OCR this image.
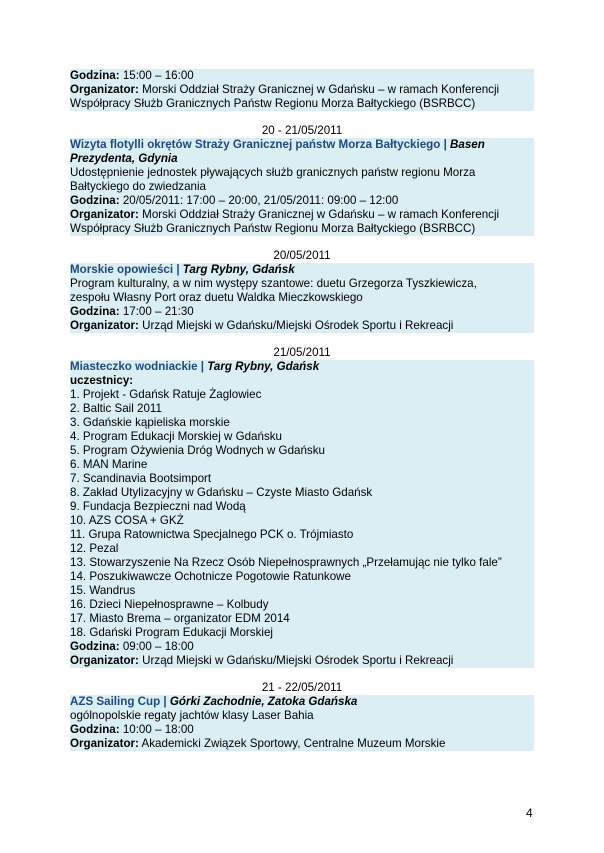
Godzina: 15:00 – 16:00
Organizator: Morski Oddział Straży Granicznej w Gdańsku – w ramach Konferencji
Współpracy Służb Granicznych Państw Regionu Morza Bałtyckiego (BSRBCC)
20 - 21/05/2011
Wizyta flotylli okrętów Straży Granicznej państw Morza Bałtyckiego | Basen
Prezydenta, Gdynia
Udostępnienie jednostek pływających służb granicznych państw regionu Morza
Bałtyckiego do zwiedzania
Godzina: 20/05/2011: 17:00 – 20:00, 21/05/2011: 09:00 – 12:00
Organizator: Morski Oddział Straży Granicznej w Gdańsku – w ramach Konferencji
Współpracy Służb Granicznych Państw Regionu Morza Bałtyckiego (BSRBCC)
20/05/2011
Morskie opowieści | Targ Rybny, Gdańsk
Program kulturalny, a w nim występy szantowe: duetu Grzegorza Tyszkiewicza,
zespołu Własny Port oraz duetu Waldka Mieczkowskiego
Godzina: 17:00 – 21:30
Organizator: Urząd Miejski w Gdańsku/Miejski Ośrodek Sportu i Rekreacji
21/05/2011
Miasteczko wodniackie | Targ Rybny, Gdańsk
uczestnicy:
1. Projekt - Gdańsk Ratuje Żaglowiec
2. Baltic Sail 2011
3. Gdańskie kąpieliska morskie
4. Program Edukacji Morskiej w Gdańsku
5. Program Ożywienia Dróg Wodnych w Gdańsku
6. MAN Marine
7. Scandinavia Bootsimport
8. Zakład Utylizacyjny w Gdańsku – Czyste Miasto Gdańsk
9. Fundacja Bezpieczni nad Wodą
10. AZS COSA + GKŻ
11. Grupa Ratownictwa Specjalnego PCK o. Trójmiasto
12. Pezal
13. Stowarzyszenie Na Rzecz Osób Niepełnosprawnych „Przełamując nie tylko fale”
14. Poszukiwawcze Ochotnicze Pogotowie Ratunkowe
15. Wandrus
16. Dzieci Niepełnosprawne – Kolbudy
17. Miasto Brema – organizator EDM 2014
18. Gdański Program Edukacji Morskiej
Godzina: 09:00 – 18:00
Organizator: Urząd Miejski w Gdańsku/Miejski Ośrodek Sportu i Rekreacji
21 - 22/05/2011
AZS Sailing Cup | Górki Zachodnie, Zatoka Gdańska
ogólnopolskie regaty jachtów klasy Laser Bahia
Godzina: 10:00 – 18:00
Organizator: Akademicki Związek Sportowy, Centralne Muzeum Morskie
4
